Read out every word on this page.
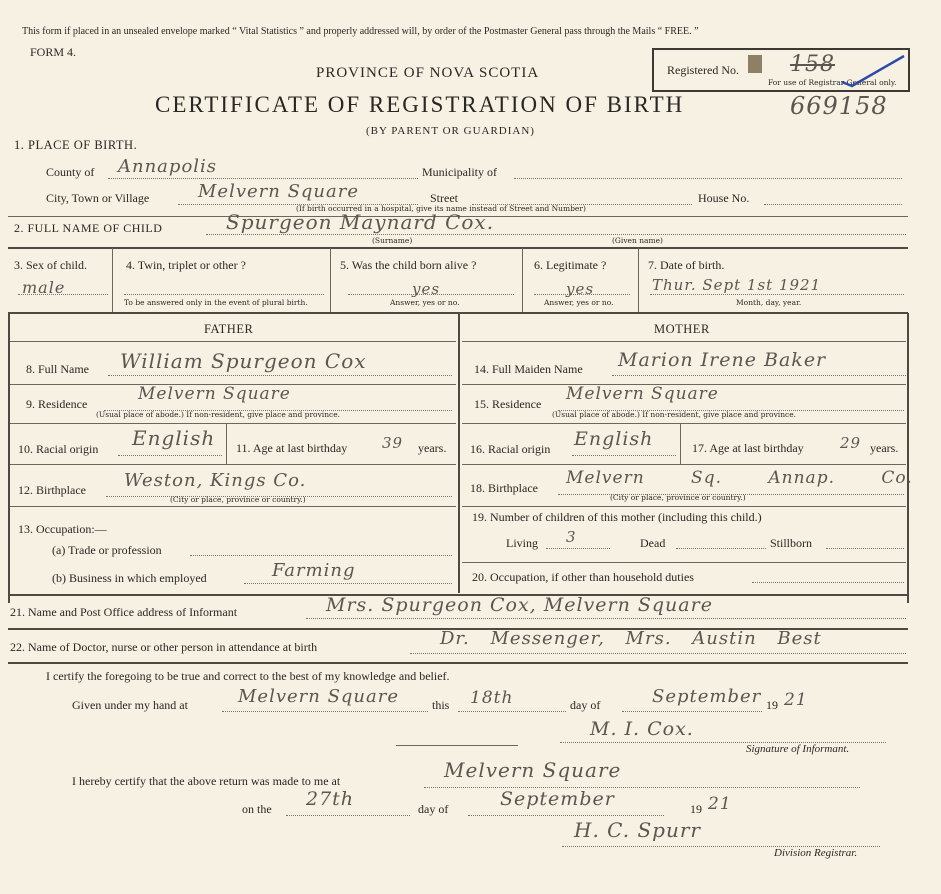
This form if placed in an unsealed envelope marked “ Vital Statistics ” and properly addressed will, by order of the Postmaster General pass through the Mails “ FREE. ”
FORM 4.
Registered No. 158
For use of Registrar General only.
PROVINCE OF NOVA SCOTIA
CERTIFICATE OF REGISTRATION OF BIRTH
(BY PARENT OR GUARDIAN)
669158
1. PLACE OF BIRTH.
County of Annapolis	Municipality of
City, Town or Village	Melvern Square	Street
(If birth occurred in a hospital, give its name instead of Street and Number)
House No.
2. FULL NAME OF CHILD	Spurgeon Maynard Cox.
(Surname)	(Given name)
3. Sex of child.
male
4. Twin, triplet or other ?
To be answered only in the event of plural birth.
5. Was the child born alive ?
yes
Answer, yes or no.
6. Legitimate ?
yes
Answer, yes or no.
7. Date of birth.
Thur. Sept 1st 1921
Month, day, year.
FATHER	MOTHER
8. Full Name William Spurgeon Cox
9. Residence	Melvern Square
(Usual place of abode.) If non-resident, give place and province.
10. Racial origin English 11. Age at last birthday 39 years.
12. Birthplace Weston, Kings Co.
(City or place, province or country.)
13. Occupation:—
(a) Trade or profession
(b) Business in which employed	Farming
14. Full Maiden Name Marion Irene Baker
15. Residence Melvern Square
(Usual place of abode.) If non-resident, give place and province.
16. Racial origin English	17. Age at last birthday 29 years.
18. Birthplace Melvern Sq. Annap. Co.
(City or place, province or country.)
19. Number of children of this mother (including this child.)
Living 3	Dead	Stillborn
20. Occupation, if other than household duties
21. Name and Post Office address of Informant	Mrs. Spurgeon Cox, Melvern Square
22. Name of Doctor, nurse or other person in attendance at birth	Dr. Messenger, Mrs. Austin Best
I certify the foregoing to be true and correct to the best of my knowledge and belief.
Given under my hand at	Melvern Square	this 18th	day of	September 19 21
M. I. Cox.
Signature of Informant.
I hereby certify that the above return was made to me at	Melvern Square
on the 27th	day of	September	19 21
H. C. Spurr
Division Registrar.
